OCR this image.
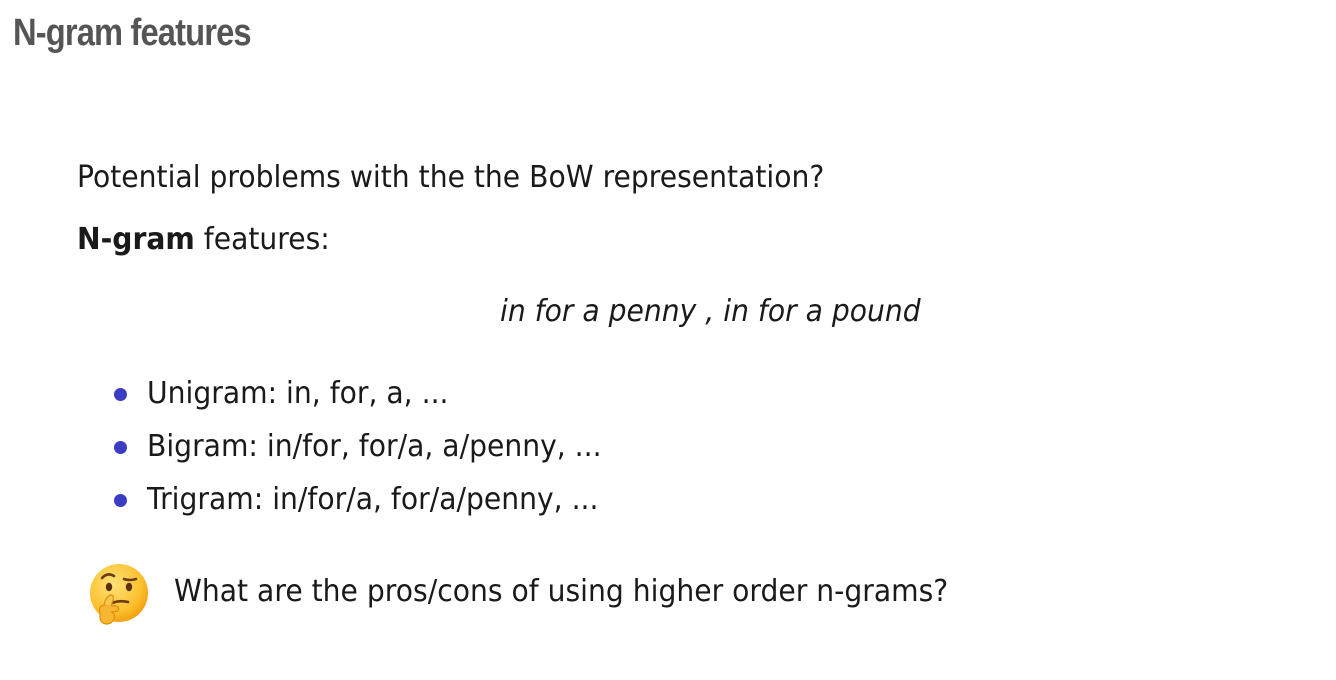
N-gram features
Potential problems with the the BoW representation?
N-gram features:
in for a penny , in for a pound
Unigram: in, for, a, ...
Bigram: in/for, for/a, a/penny, ...
Trigram: in/for/a, for/a/penny, ...
What are the pros/cons of using higher order n-grams?
